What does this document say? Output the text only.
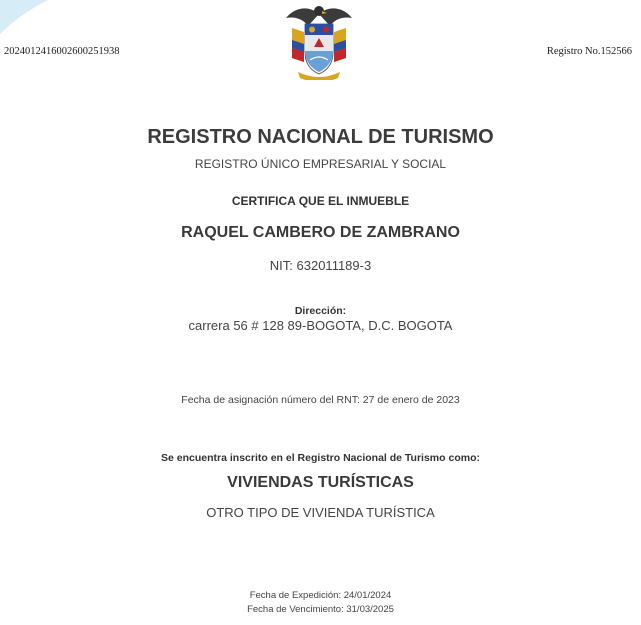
20240124160026002519​38	Registro No.152566
REGISTRO NACIONAL DE TURISMO
REGISTRO ÚNICO EMPRESARIAL Y SOCIAL
CERTIFICA QUE EL INMUEBLE
RAQUEL CAMBERO DE ZAMBRANO
NIT: 632011189-3
Dirección:
carrera 56 # 128 89-BOGOTA, D.C. BOGOTA
Fecha de asignación número del RNT: 27 de enero de 2023
Se encuentra inscrito en el Registro Nacional de Turismo como:
VIVIENDAS TURÍSTICAS
OTRO TIPO DE VIVIENDA TURÍSTICA
Fecha de Expedición: 24/01/2024
Fecha de Vencimiento: 31/03/2025
